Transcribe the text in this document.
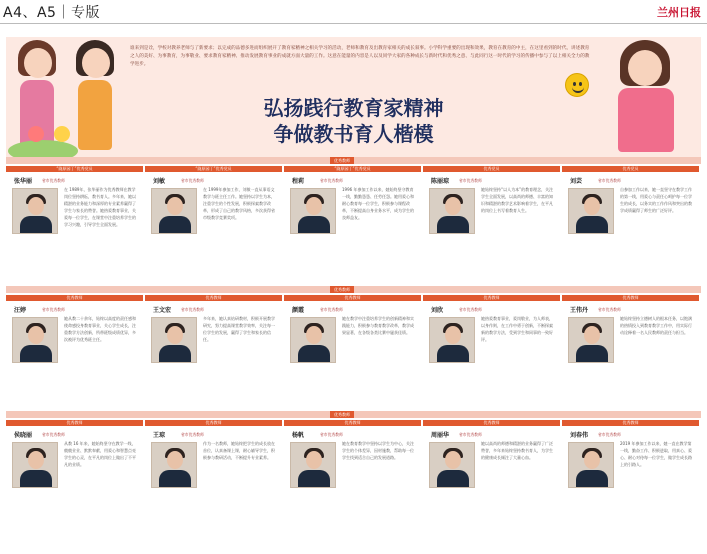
A4、A5｜专版	兰州日报
谁来到是诠，学校对教养老师与了新要求；以完成的品德多进而组织展开了教育家精神之相关学习的活动，老师和教育及出教育家相关的成长叙事。小学科学重要的出现和效果，教育在教育的中主，在这里看到的时代、讲述教育之人的美好、为事教育，为事敬业、要求教育家精神、推动发展教育事业的成就方面大量的工作。这意在能量的内容是人以及同学大家的各种成长与新时代和优秀之意、与此同行这一时代的学习的传播中参与了以上相关全力的教学进步。
弘扬践行教育家精神
争做教书育人楷模
优秀教师
“陇原园丁”优秀党员
张华丽	省市优秀教师
在 1989年，张华丽作为优秀教师在教学岗位坚持耕耘，教书育人。多年来，她以精湛的业务能力和深厚的专业素养赢得了学生与家长的赞誉。她热爱教育事业，关爱每一位学生，在课堂中注重培养学生的学习兴趣，引导学生全面发展。
“陇原园丁”优秀党员
刘敏	省市优秀教师
在 1999年参加工作，刘敏一直从事语文教学与班主任工作。她坚持以学生为本，注重学生的个性发展，积极探索教学改革，形成了自己的教学风格，多次获得省市级教学竞赛奖项。
“陇原园丁”优秀党员
程莉	省市优秀教师
1996 年参加工作以来，她始终坚守教育一线，勤勤恳恳、任劳任怨。她用爱心和耐心教育每一位学生，积极参与课程改革，不断提高自身业务水平，成为学生的良师益友。
优秀党员
陈丽琼	省市优秀教师
她始终坚持“以人为本”的教育理念，关注学生全面发展，以高尚的师德、丰富的知识和精湛的教学艺术影响着学生，在平凡的岗位上书写着教育人生。
优秀党员
刘芸	省市优秀教师
自参加工作以来，她一直坚守在教学工作的第一线，用爱心与责任心呵护每一位学生的成长，以务实的工作作风和突出的教学成绩赢得了师生的广泛好评。
优秀教师
优秀教师
汪婷	省市优秀教师
她从教二十余年，始终以高度的责任感和使命感投身教育事业，关心学生成长，注重教学方法创新，所带班级成绩优异，多次被评为优秀班主任。
优秀教师
王文宏	省市优秀教师
多年来，她认真钻研教材，积极开展教学研究，努力提高课堂教学效率，关注每一位学生的发展，赢得了学生和家长的信任。
优秀教师
颜霞	省市优秀教师
她在教学中注重培养学生的创新精神和实践能力，积极参与教育教学改革，教学成果显著，在各级各类比赛中屡获佳绩。
优秀教师
刘欣	省市优秀教师
她热爱教育事业，爱岗敬业，为人师表，以身作则，在工作中勇于创新，不断探索新的教学方法，受到学生和同事的一致好评。
优秀教师
王伟丹	省市优秀教师
她始终坚持立德树人的根本任务，以饱满的热情投入到教育教学工作中，用实际行动诠释着一名人民教师的责任与担当。
优秀教师
优秀教师
侯晓丽	省市优秀教师
从教 16 年来，她始终坚守在教学一线，兢兢业业、默默奉献，用爱心和智慧点亮学生的心灵，在平凡的岗位上做出了不平凡的业绩。
优秀教师
王琼	省市优秀教师
作为一名教师，她始终把学生的成长放在首位，认真备课上课，耐心辅导学生，积极参与教研活动，不断提升专业素养。
优秀教师
杨帆	省市优秀教师
她在教育教学中坚持以学生为中心，关注学生的个体差异，因材施教，帮助每一位学生找到适合自己的发展道路。
优秀教师
周丽华	省市优秀教师
她以高尚的师德和精湛的业务赢得了广泛赞誉，多年来始终坚持教书育人，为学生的健康成长倾注了大量心血。
优秀教师
刘春伟	省市优秀教师
2019 年参加工作以来，她一直在教学第一线，勤奋工作、积极进取，用真心、爱心、耐心对待每一位学生，做学生成长路上的引路人。
